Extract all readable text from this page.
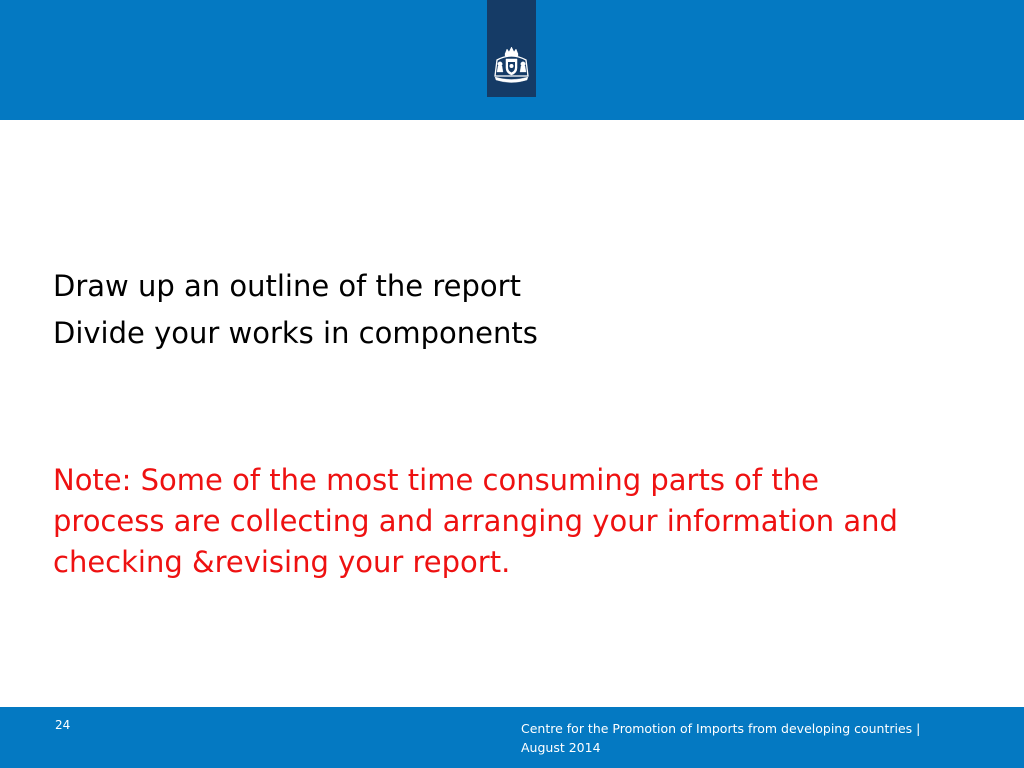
Draw up an outline of the report
Divide your works in components
Note: Some of the most time consuming parts of the process are collecting and arranging your information and checking &revising your report.
24	Centre for the Promotion of Imports from developing countries | August 2014
